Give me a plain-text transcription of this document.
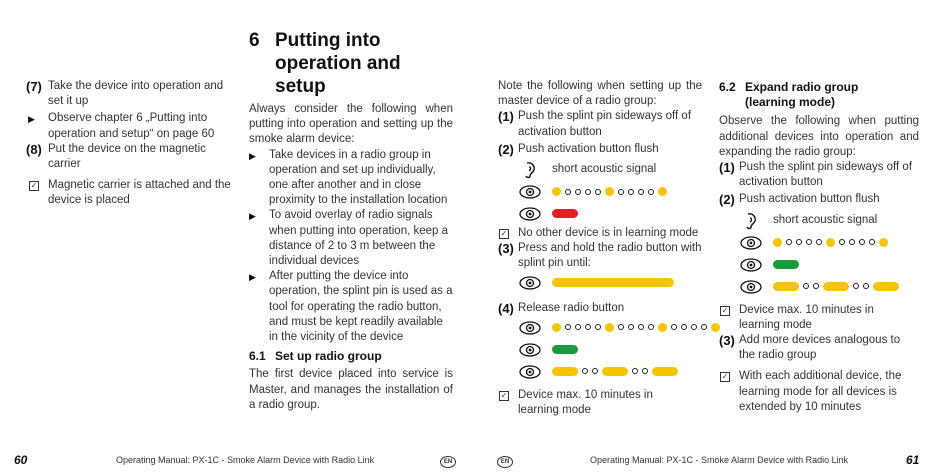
(7) Take the device into operation and set it up
▶	Observe chapter 6 „Putting into operation and setup“ on page 60
(8) Put the device on the magnetic carrier
✓ Magnetic carrier is attached and the device is placed
6 Putting into
operation and setup

Always consider the following when putting into operation and setting up the smoke alarm device:

▶	Take devices in a radio group in operation and set up individually, one after another and in close proximity to the installation location
▶	To avoid overlay of radio signals when putting into operation, keep a distance of 2 to 3 m between the individual devices
▶	After putting the device into operation, the splint pin is used as a tool for operating the radio button, and must be kept readily available in the vicinity of the device
6.1 Set up radio group

The first device placed into service is Master, and manages the installation of a radio group.

Note the following when setting up the master device of a radio group:

(1) Push the splint pin sideways off of activation button
(2) Push activation button flush
short acoustic signal
✓ No other device is in learning mode
(3) Press and hold the radio button with splint pin until:
(4) Release radio button
✓ Device max. 10 minutes in learning mode
6.2 Expand radio group
(learning mode)

Observe the following when putting additional devices into operation and expanding the radio group:

(1) Push the splint pin sideways off of activation button
(2) Push activation button flush
short acoustic signal
✓ Device max. 10 minutes in learning mode
(3) Add more devices analogous to the radio group
✓ With each additional device, the learning mode for all devices is extended by 10 minutes
60	Operating Manual: PX-1C - Smoke Alarm Device with Radio Link	EN	EN	Operating Manual: PX-1C - Smoke Alarm Device with Radio Link	61
